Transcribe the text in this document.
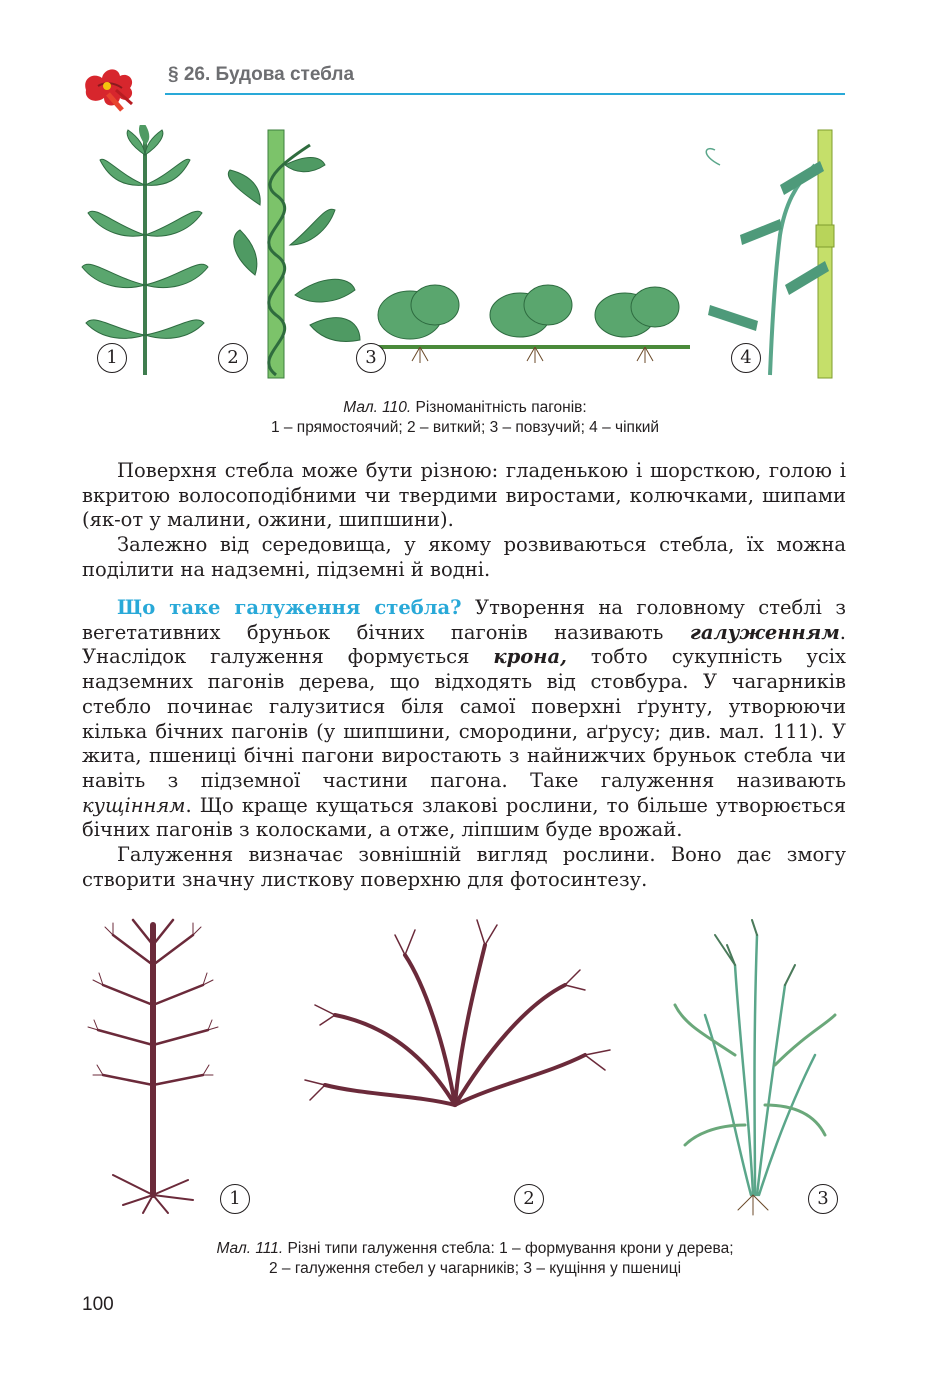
§ 26. Будова стебла
1	2	3	4
Мал. 110. Різноманітність пагонів:
1 – прямостоячий; 2 – виткий; 3 – повзучий; 4 – чіпкий

Поверхня стебла може бути різною: гладенькою і шорсткою, голою і вкритою волосоподібними чи твердими виростами, колючками, шипами (як-от у малини, ожини, шипшини).

Залежно від середовища, у якому розвиваються стебла, їх можна поділити на надземні, підземні й водні.

Що таке галуження стебла? Утворення на головному стеблі з вегетативних бруньок бічних пагонів називають галуженням. Унаслідок галуження формується крона, тобто сукупність усіх надземних пагонів дерева, що відходять від стовбура. У чагарників стебло починає галузитися біля самої поверхні ґрунту, утворюючи кілька бічних пагонів (у шипшини, смородини, аґрусу; див. мал. 111). У жита, пшениці бічні пагони виростають з найнижчих бруньок стебла чи навіть з підземної частини пагона. Таке галуження називають кущінням. Що краще кущаться злакові рослини, то більше утворюється бічних пагонів з колосками, а отже, ліпшим буде врожай.

Галуження визначає зовнішній вигляд рослини. Воно дає змогу створити значну листкову поверхню для фотосинтезу.

1	2	3
Мал. 111. Різні типи галуження стебла: 1 – формування крони у дерева;
2 – галуження стебел у чагарників; 3 – кущіння у пшениці
100
